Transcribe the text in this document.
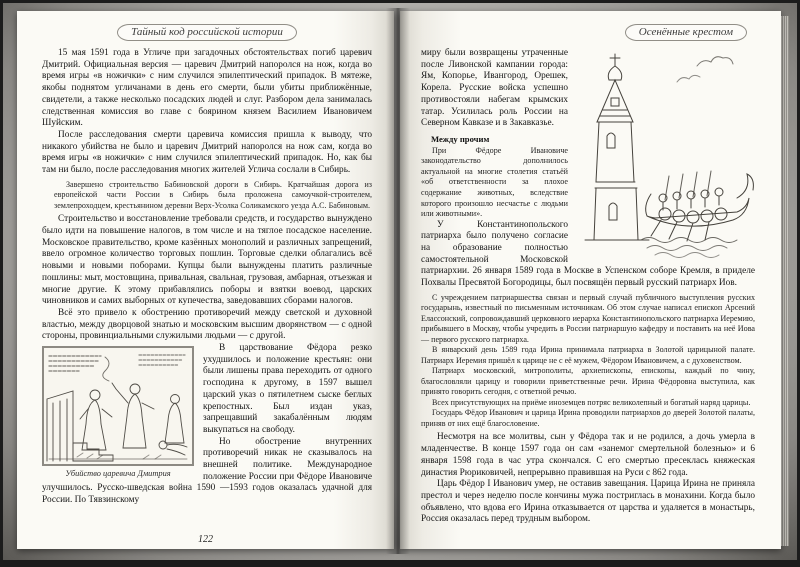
Тайный код российской истории

15 мая 1591 года в Угличе при загадочных обстоятельствах погиб царевич Дмитрий. Официальная версия — царевич Дмитрий напоролся на нож, когда во время игры «в ножички» с ним случился эпилептический припадок. В мятеже, якобы поднятом угличанами в день его смерти, были убиты приближённые, свидетели, а также несколько посадских людей и слуг. Разбором дела занималась следственная комиссия во главе с боярином князем Василием Ивановичем Шуйским.

После расследования смерти царевича комиссия пришла к выводу, что никакого убийства не было и царевич Дмитрий напоролся на нож сам, когда во время игры «в ножички» с ним случился эпилептический припадок. Но, как бы там ни было, после расследования многих жителей Углича сослали в Сибирь.

Завершено строительство Бабиновской дороги в Сибирь. Кратчайшая дорога из европейской части России в Сибирь была проложена самоучкой-строителем, землепроходцем, крестьянином деревни Верх-Усолка Соликамского уезда А.С. Бабиновым.

Строительство и восстановление требовали средств, и государство вынуждено было идти на повышение налогов, в том числе и на тяглое посадское население. Московское правительство, кроме казённых монополий и различных запрещений, ввело огромное количество торговых пошлин. Торговые сделки облагались всё новыми и новыми поборами. Купцы были вынуждены платить различные пошлины: мыт, мостовщина, привальная, свальная, грузовая, амбарная, отъезжая и многие другие. К этому прибавлялись поборы и взятки воевод, царских чиновников и самих выборных от купечества, заведовавших сборами налогов.

Всё это привело к обострению противоречий между светской и духовной властью, между дворцовой знатью и московским высшим дворянством — с одной стороны, провинциальными служилыми людьми — с другой.

Убийство царевича Дмитрия

В царствование Фёдора резко ухудшилось и положение крестьян: они были лишены права переходить от одного господина к другому, в 1597 вышел царский указ о пятилетнем сыске беглых крепостных. Был издан указ, запрещавший закабалённым людям выкупаться на свободу.

Но обострение внутренних противоречий никак не сказывалось на внешней политике. Международное положение России при Фёдоре Ивановиче улучшилось. Русско-шведская война 1590 —1593 годов оказалась удачной для России. По Тявзинскому

122
Осенённые крестом

миру были возвращены утраченные после Ливонской кампании города: Ям, Копорье, Ивангород, Орешек, Корела. Русские войска успешно противостояли набегам крымских татар. Усилилась роль России на Северном Кавказе и в Закавказье.

Между прочим

При Фёдоре Ивановиче законодательство дополнилось актуальной на многие столетия статьёй «об ответственности за плохое содержание животных, вследствие которого произошло несчастье с людьми или животными».

У Константинопольского патриарха было получено согласие на образование полностью самостоятельной Московской патриархии. 26 января 1589 года в Москве в Успенском соборе Кремля, в приделе Похвалы Пресвятой Богородицы, был посвящён первый русский патриарх Иов.

С учреждением патриаршества связан и первый случай публичного выступления русских государынь, известный по письменным источникам. Об этом случае написал епископ Арсений Елассонский, сопровождавший церковного иерарха Константинопольского патриарха Иеремию, прибывшего в Москву, чтобы учредить в России патриаршую кафедру и поставить на неё Иова — первого русского патриарха.

В январский день 1589 года Ирина принимала патриарха в Золотой царицыной палате. Патриарх Иеремия пришёл к царице не с её мужем, Фёдором Ивановичем, а с духовенством.

Патриарх московский, митрополиты, архиепископы, епископы, каждый по чину, благословляли царицу и говорили приветственные речи. Ирина Фёдоровна выступила, как принято говорить сегодня, с ответной речью.

Всех присутствующих на приёме иноземцев потряс великолепный и богатый наряд царицы.

Государь Фёдор Иванович и царица Ирина проводили патриархов до дверей Золотой палаты, приняв от них ещё благословение.

Несмотря на все молитвы, сын у Фёдора так и не родился, а дочь умерла в младенчестве. В конце 1597 года он сам «занемог смертельной болезнью» и 6 января 1598 года в час утра скончался. С его смертью пресеклась княжеская династия Рюриковичей, непрерывно правившая на Руси с 862 года.

Царь Фёдор I Иванович умер, не оставив завещания. Царица Ирина не приняла престол и через неделю после кончины мужа постриглась в монахини. Когда было объявлено, что вдова его Ирина отказывается от царства и удаляется в монастырь, Россия оказалась перед трудным выбором.
